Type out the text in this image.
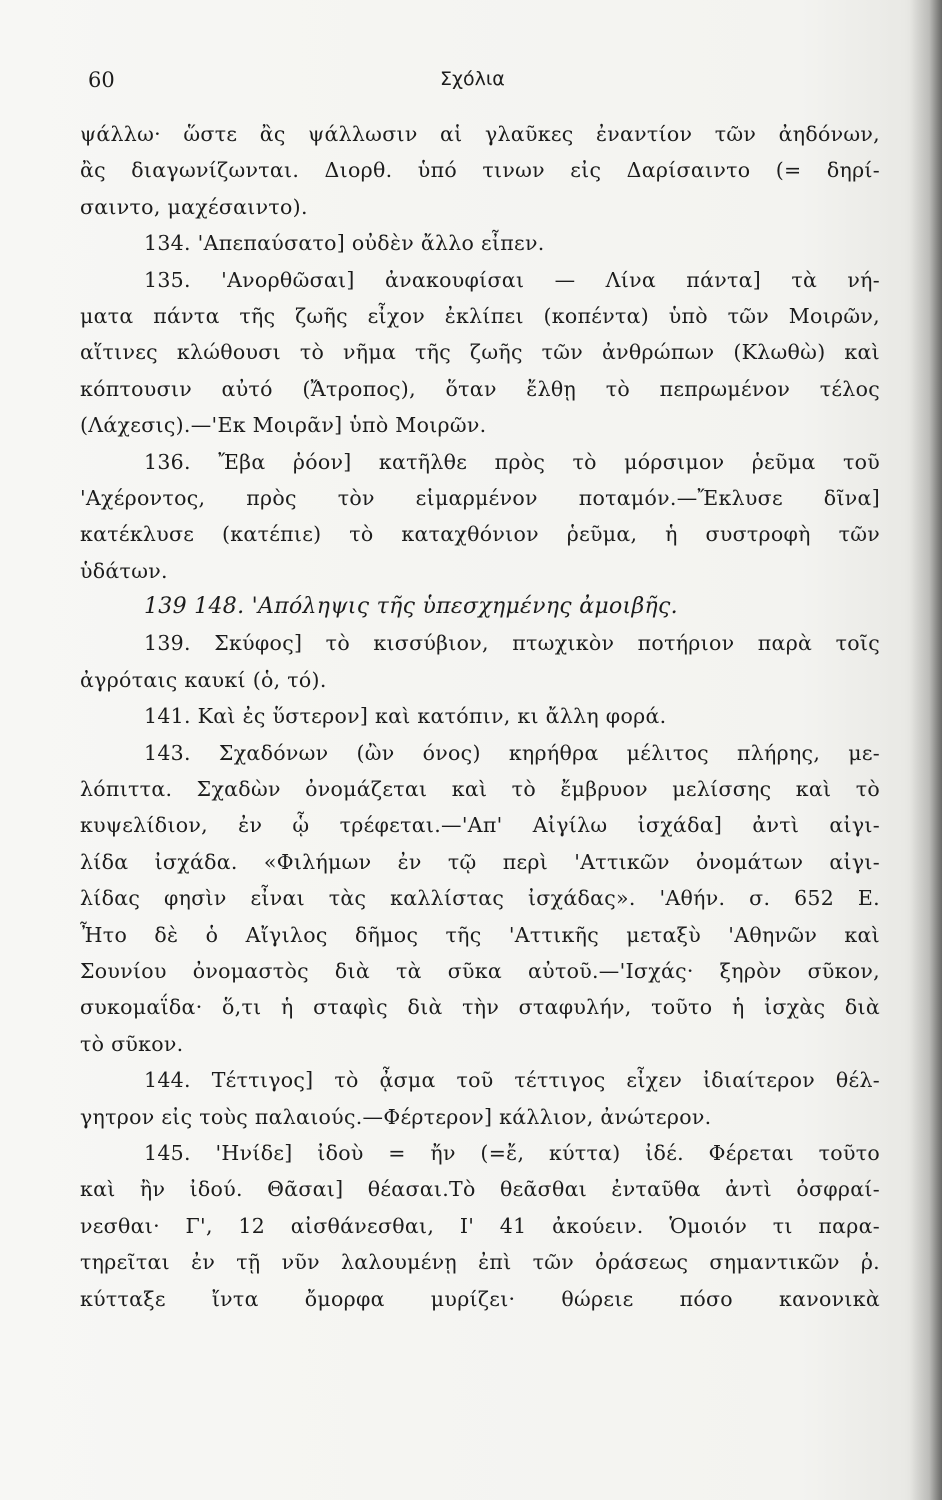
60	Σχόλια
ψάλλω· ὥστε ἂς ψάλλωσιν αἱ γλαῦκες ἐναντίον τῶν ἀηδόνων,
ἂς διαγωνίζωνται. Διορθ. ὑπό τινων εἰς Δαρίσαιντο (= δηρί-
σαιντο, μαχέσαιντο).
134. 'Απεπαύσατο] οὐδὲν ἄλλο εἶπεν.
135. 'Ανορθῶσαι] ἀνακουφίσαι — Λίνα πάντα] τὰ νή-
ματα πάντα τῆς ζωῆς εἶχον ἐκλίπει (κοπέντα) ὑπὸ τῶν Μοιρῶν,
αἵτινες κλώθουσι τὸ νῆμα τῆς ζωῆς τῶν ἀνθρώπων (Κλωθὼ) καὶ
κόπτουσιν αὐτό (Ἄτροπος), ὅταν ἔλθῃ τὸ πεπρωμένον τέλος
(Λάχεσις).—'Εκ Μοιρᾶν] ὑπὸ Μοιρῶν.
136. Ἔβα ῥόον] κατῆλθε πρὸς τὸ μόρσιμον ῥεῦμα τοῦ
'Αχέροντος, πρὸς τὸν εἱμαρμένον ποταμόν.—Ἔκλυσε δῖνα]
κατέκλυσε (κατέπιε) τὸ καταχθόνιον ῥεῦμα, ἡ συστροφὴ τῶν
ὑδάτων.
139 148. 'Απόληψις τῆς ὑπεσχημένης ἀμοιβῆς.
139. Σκύφος] τὸ κισσύβιον, πτωχικὸν ποτήριον παρὰ τοῖς
ἀγρόταις καυκί (ὁ, τό).
141. Καὶ ἐς ὕστερον] καὶ κατόπιν, κι ἄλλη φορά.
143. Σχαδόνων (ὢν όνος) κηρήθρα μέλιτος πλήρης, με-
λόπιττα. Σχαδὼν ὀνομάζεται καὶ τὸ ἔμβρυον μελίσσης καὶ τὸ
κυψελίδιον, ἐν ᾧ τρέφεται.—'Απ' Αἰγίλω ἰσχάδα] ἀντὶ αἰγι-
λίδα ἰσχάδα. «Φιλήμων ἐν τῷ περὶ 'Αττικῶν ὀνομάτων αἰγι-
λίδας φησὶν εἶναι τὰς καλλίστας ἰσχάδας». 'Αθήν. σ. 652 Ε.
Ἦτο δὲ ὁ Αἴγιλος δῆμος τῆς 'Αττικῆς μεταξὺ 'Αθηνῶν καὶ
Σουνίου ὀνομαστὸς διὰ τὰ σῦκα αὐτοῦ.—'Ισχάς· ξηρὸν σῦκον,
συκομαΐδα· ὅ,τι ἡ σταφὶς διὰ τὴν σταφυλήν, τοῦτο ἡ ἰσχὰς διὰ
τὸ σῦκον.
144. Τέττιγος] τὸ ᾆσμα τοῦ τέττιγος εἶχεν ἰδιαίτερον θέλ-
γητρον εἰς τοὺς παλαιούς.—Φέρτερον] κάλλιον, ἀνώτερον.
145. 'Ηνίδε] ἰδοὺ = ἤν (=ἔ, κύττα) ἰδέ. Φέρεται τοῦτο
καὶ ἢν ἰδού. Θᾶσαι] θέασαι.Τὸ θεᾶσθαι ἐνταῦθα ἀντὶ ὀσφραί-
νεσθαι· Γ', 12 αἰσθάνεσθαι, Ι' 41 ἀκούειν. Ὁμοιόν τι παρα-
τηρεῖται ἐν τῇ νῦν λαλουμένῃ ἐπὶ τῶν ὀράσεως σημαντικῶν ῥ.
κύτταξε ἴντα ὄμορφα μυρίζει· θώρειε πόσο κανονικὰ
